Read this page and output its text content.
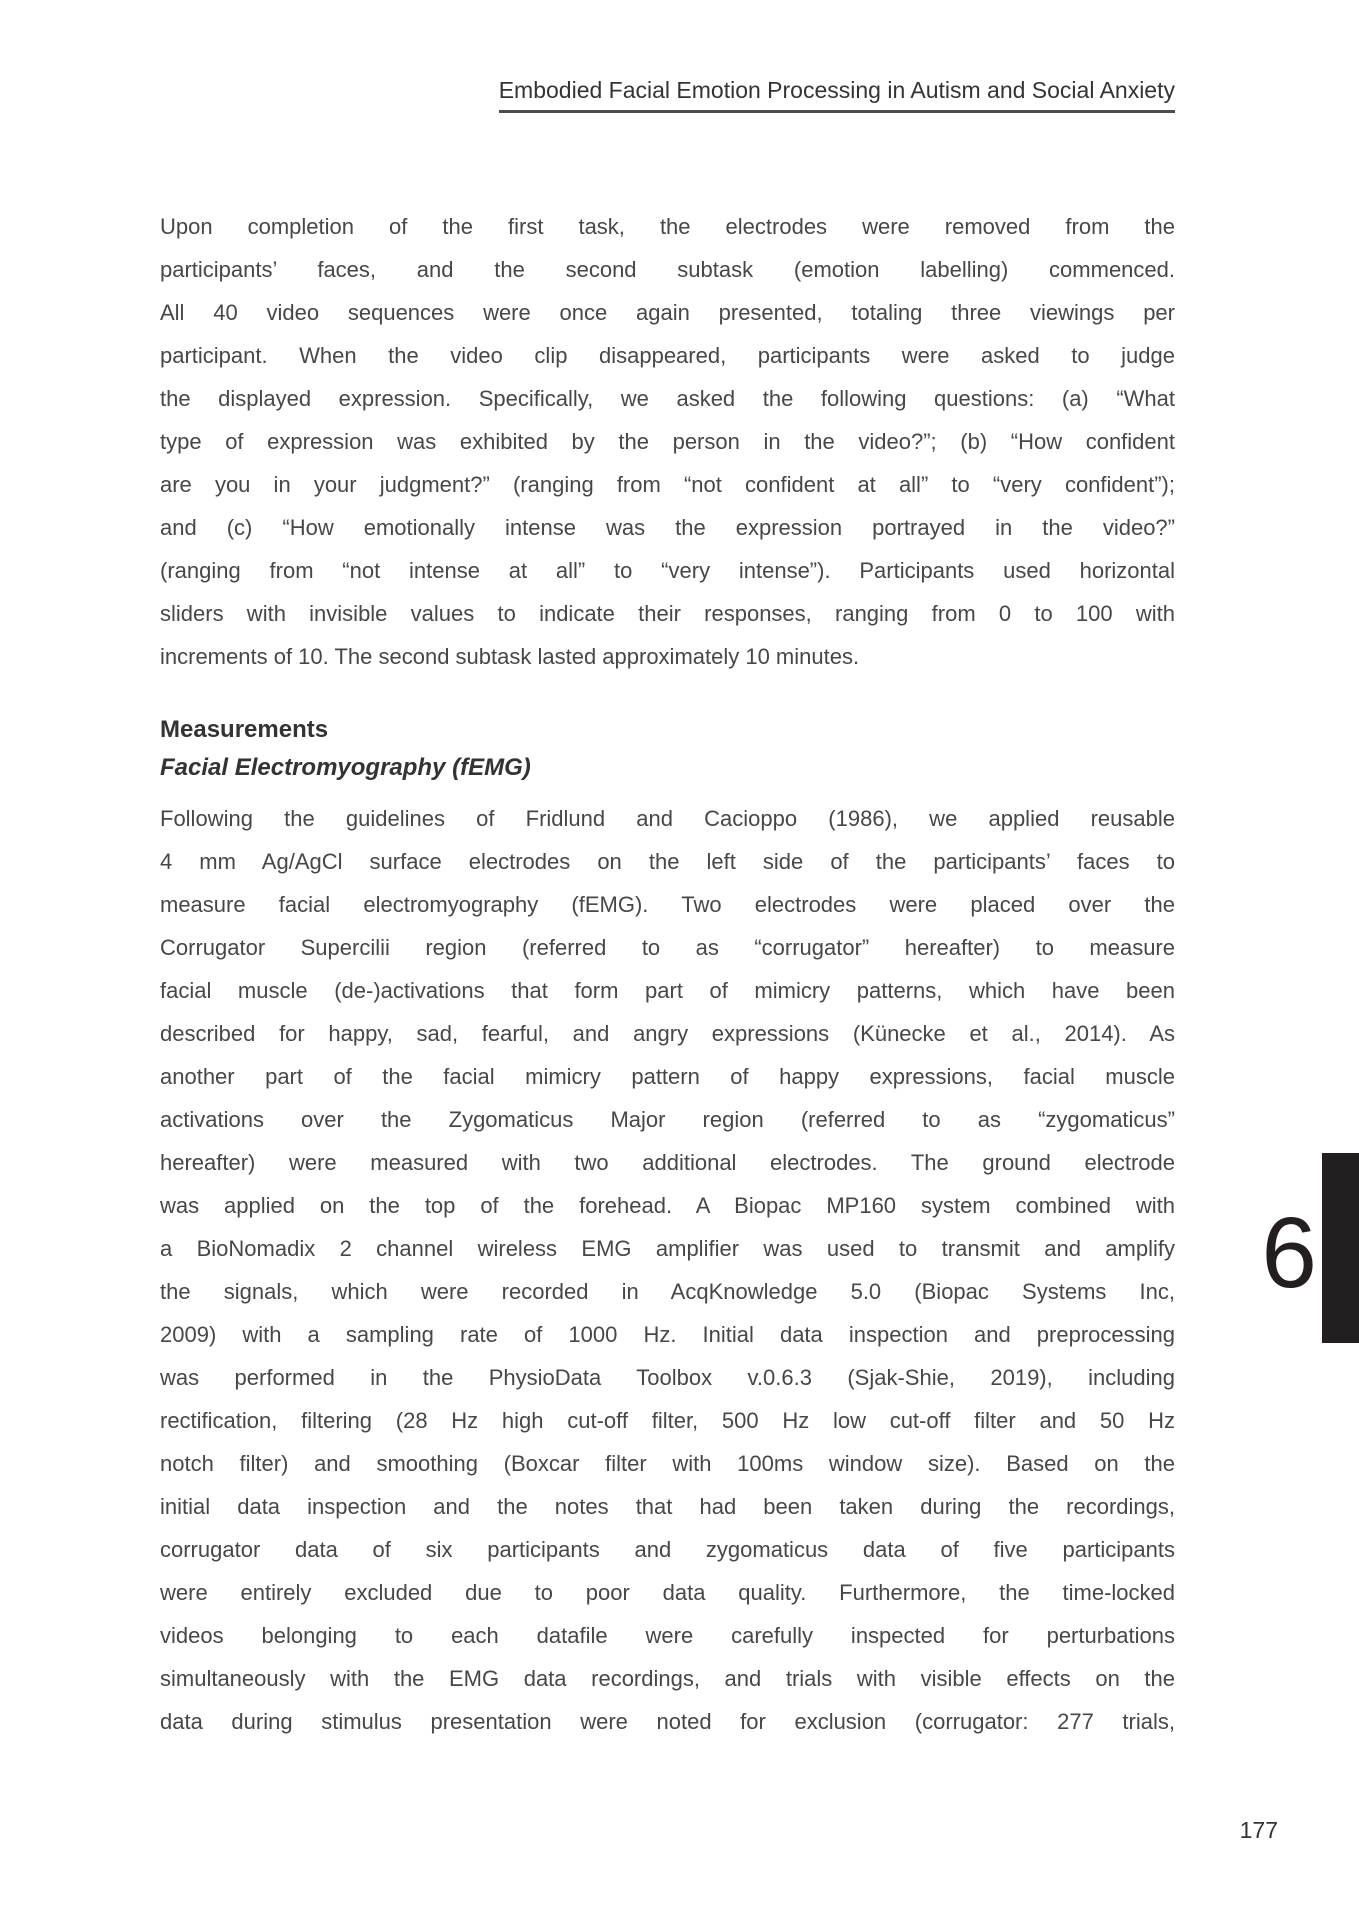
Embodied Facial Emotion Processing in Autism and Social Anxiety
Upon completion of the first task, the electrodes were removed from the
participants’ faces, and the second subtask (emotion labelling) commenced.
All 40 video sequences were once again presented, totaling three viewings per
participant. When the video clip disappeared, participants were asked to judge
the displayed expression. Specifically, we asked the following questions: (a) “What
type of expression was exhibited by the person in the video?”; (b) “How confident
are you in your judgment?” (ranging from “not confident at all” to “very confident”);
and (c) “How emotionally intense was the expression portrayed in the video?”
(ranging from “not intense at all” to “very intense”). Participants used horizontal
sliders with invisible values to indicate their responses, ranging from 0 to 100 with
increments of 10. The second subtask lasted approximately 10 minutes.
Measurements
Facial Electromyography (fEMG)
Following the guidelines of Fridlund and Cacioppo (1986), we applied reusable
4 mm Ag/AgCl surface electrodes on the left side of the participants’ faces to
measure facial electromyography (fEMG). Two electrodes were placed over the
Corrugator Supercilii region (referred to as “corrugator” hereafter) to measure
facial muscle (de-)activations that form part of mimicry patterns, which have been
described for happy, sad, fearful, and angry expressions (Künecke et al., 2014). As
another part of the facial mimicry pattern of happy expressions, facial muscle
activations over the Zygomaticus Major region (referred to as “zygomaticus”
hereafter) were measured with two additional electrodes. The ground electrode
was applied on the top of the forehead. A Biopac MP160 system combined with
a BioNomadix 2 channel wireless EMG amplifier was used to transmit and amplify
the signals, which were recorded in AcqKnowledge 5.0 (Biopac Systems Inc,
2009) with a sampling rate of 1000 Hz. Initial data inspection and preprocessing
was performed in the PhysioData Toolbox v.0.6.3 (Sjak-Shie, 2019), including
rectification, filtering (28 Hz high cut-off filter, 500 Hz low cut-off filter and 50 Hz
notch filter) and smoothing (Boxcar filter with 100ms window size). Based on the
initial data inspection and the notes that had been taken during the recordings,
corrugator data of six participants and zygomaticus data of five participants
were entirely excluded due to poor data quality. Furthermore, the time-locked
videos belonging to each datafile were carefully inspected for perturbations
simultaneously with the EMG data recordings, and trials with visible effects on the
data during stimulus presentation were noted for exclusion (corrugator: 277 trials,
6
177
